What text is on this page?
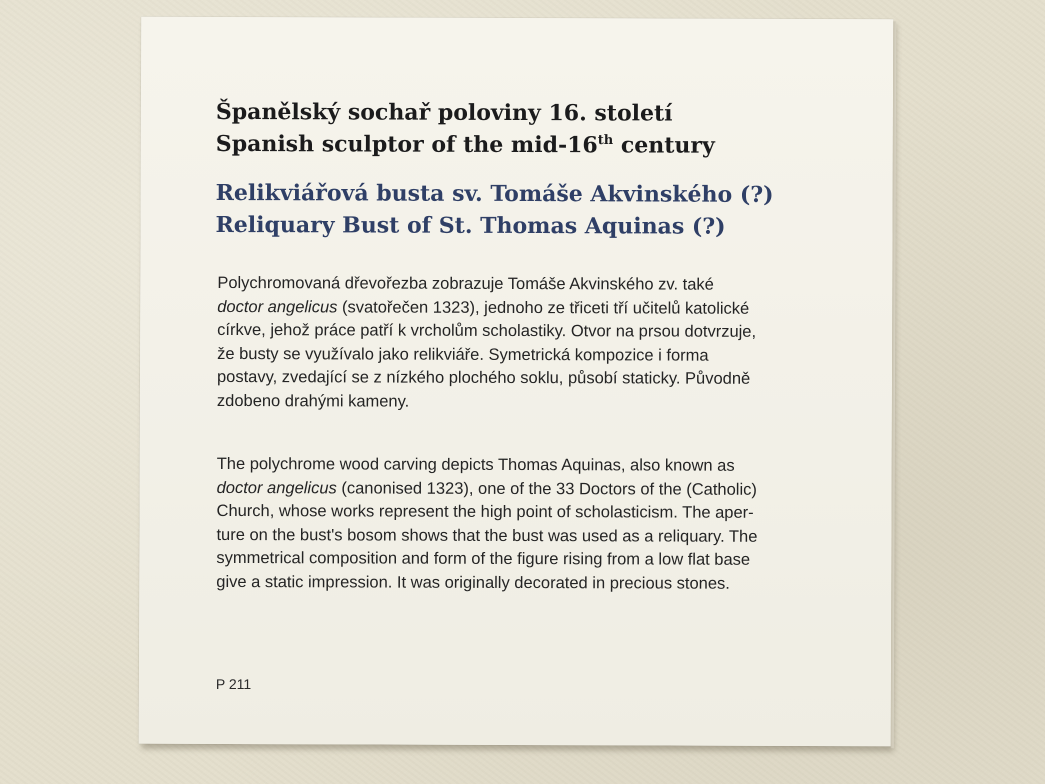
Španělský sochař poloviny 16. století
Spanish sculptor of the mid-16th century
Relikviářová busta sv. Tomáše Akvinského (?)
Reliquary Bust of St. Thomas Aquinas (?)
Polychromovaná dřevořezba zobrazuje Tomáše Akvinského zv. také
doctor angelicus (svatořečen 1323), jednoho ze třiceti tří učitelů katolické
církve, jehož práce patří k vrcholům scholastiky. Otvor na prsou dotvrzuje,
že busty se využívalo jako relikviáře. Symetrická kompozice i forma
postavy, zvedající se z nízkého plochého soklu, působí staticky. Původně
zdobeno drahými kameny.
The polychrome wood carving depicts Thomas Aquinas, also known as
doctor angelicus (canonised 1323), one of the 33 Doctors of the (Catholic)
Church, whose works represent the high point of scholasticism. The aper-
ture on the bust's bosom shows that the bust was used as a reliquary. The
symmetrical composition and form of the figure rising from a low flat base
give a static impression. It was originally decorated in precious stones.
P 211
